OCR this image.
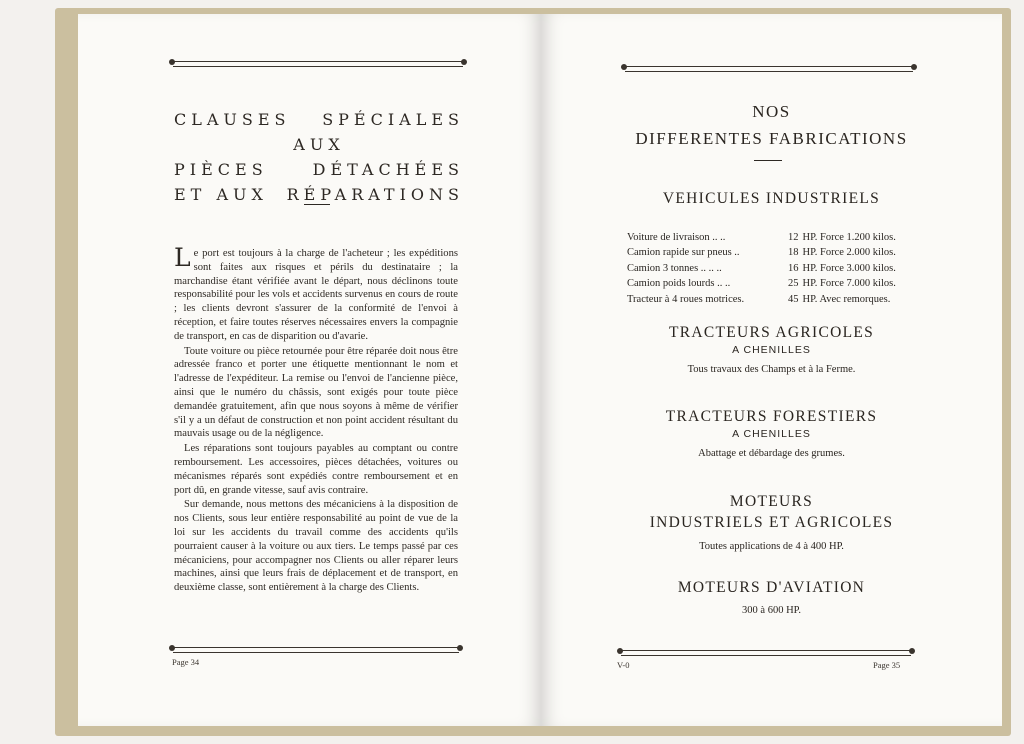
CLAUSES SPÉCIALES
AUX
PIÈCES	DÉTACHÉES
ET AUX RÉPARATIONS

Le port est toujours à la charge de l'acheteur ; les expéditions sont faites aux risques et périls du destinataire ; la marchandise étant vérifiée avant le départ, nous déclinons toute responsabilité pour les vols et accidents survenus en cours de route ; les clients devront s'assurer de la conformité de l'envoi à réception, et faire toutes réserves nécessaires envers la compagnie de transport, en cas de disparition ou d'avarie.

Toute voiture ou pièce retournée pour être réparée doit nous être adressée franco et porter une étiquette mentionnant le nom et l'adresse de l'expéditeur. La remise ou l'envoi de l'ancienne pièce, ainsi que le numéro du châssis, sont exigés pour toute pièce demandée gratuitement, afin que nous soyons à même de vérifier s'il y a un défaut de construction et non point accident résultant du mauvais usage ou de la négligence.

Les réparations sont toujours payables au comptant ou contre remboursement. Les accessoires, pièces détachées, voitures ou mécanismes réparés sont expédiés contre remboursement et en port dû, en grande vitesse, sauf avis contraire.

Sur demande, nous mettons des mécaniciens à la disposition de nos Clients, sous leur entière responsabilité au point de vue de la loi sur les accidents du travail comme des accidents qu'ils pourraient causer à la voiture ou aux tiers. Le temps passé par ces mécaniciens, pour accompagner nos Clients ou aller réparer leurs machines, ainsi que leurs frais de déplacement et de transport, en deuxième classe, sont entièrement à la charge des Clients.

Page 34
NOS
DIFFERENTES FABRICATIONS
VEHICULES INDUSTRIELS
Voiture de livraison .. ..	12	HP. Force 1.200 kilos.
Camion rapide sur pneus ..	18	HP. Force 2.000 kilos.
Camion 3 tonnes .. .. ..	16	HP. Force 3.000 kilos.
Camion poids lourds .. ..	25	HP. Force 7.000 kilos.
Tracteur à 4 roues motrices.	45	HP. Avec remorques.
TRACTEURS AGRICOLES
A CHENILLES
Tous travaux des Champs et à la Ferme.
TRACTEURS FORESTIERS
A CHENILLES
Abattage et débardage des grumes.
MOTEURS
INDUSTRIELS ET AGRICOLES
Toutes applications de 4 à 400 HP.
MOTEURS D'AVIATION
300 à 600 HP.
V-0	Page 35
